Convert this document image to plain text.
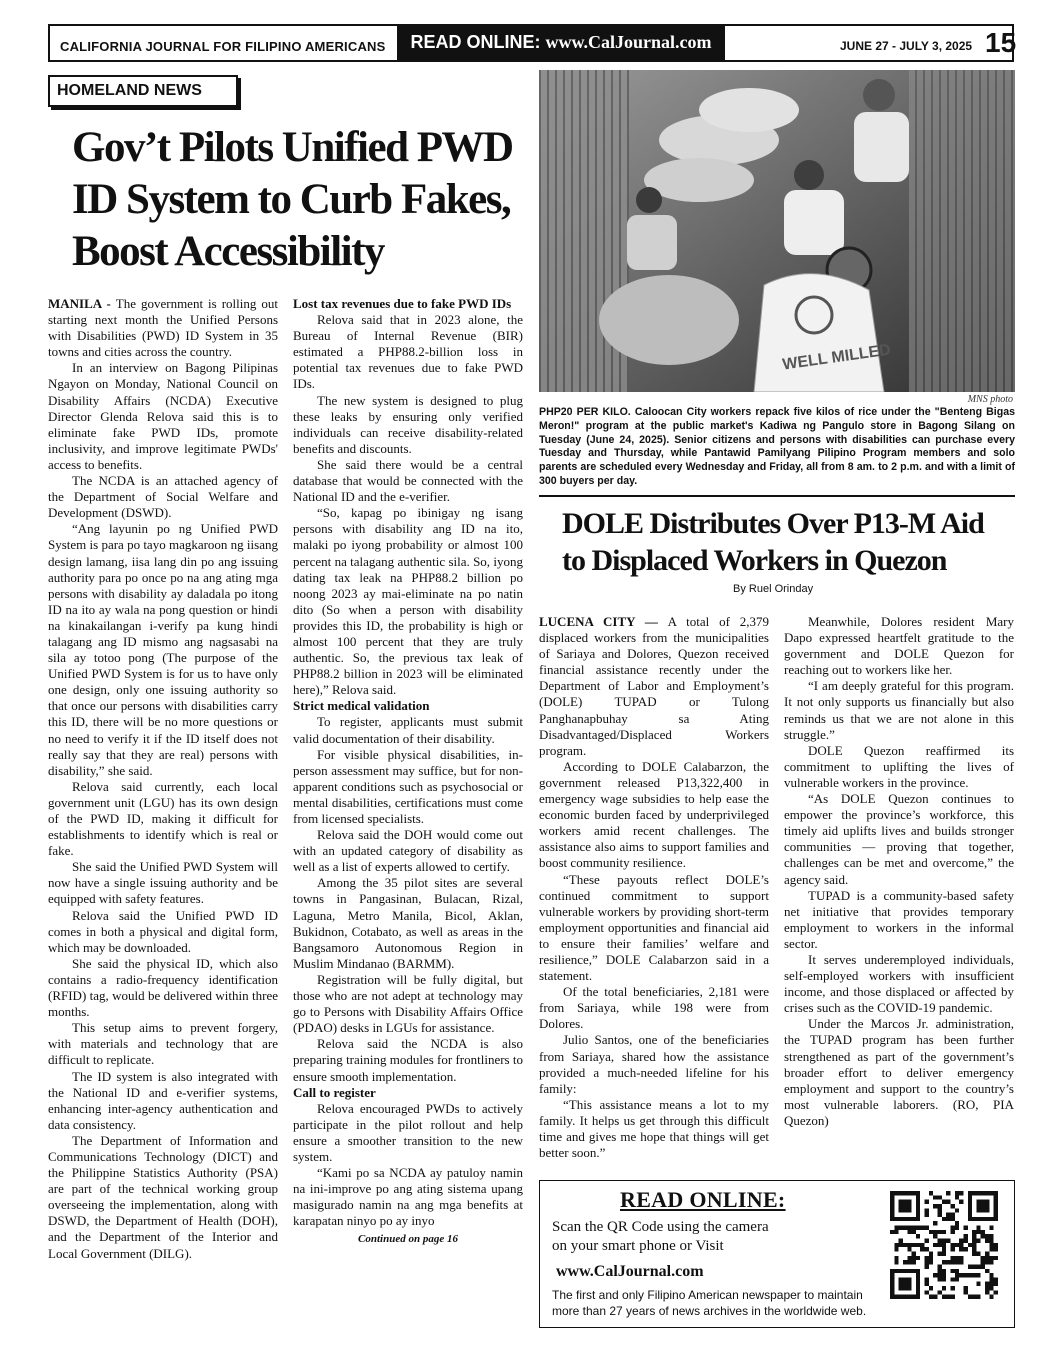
CALIFORNIA JOURNAL FOR FILIPINO AMERICANS	READ ONLINE: www.CalJournal.com	JUNE 27 - JULY 3, 2025 15
HOMELAND NEWS
Gov’t Pilots Unified PWD ID System to Curb Fakes, Boost Accessibility

MANILA - The government is rolling out starting next month the Unified Persons with Disabilities (PWD) ID System in 35 towns and cities across the country.

In an interview on Bagong Pilipinas Ngayon on Monday, National Council on Disability Affairs (NCDA) Executive Director Glenda Relova said this is to eliminate fake PWD IDs, promote inclusivity, and improve legitimate PWDs' access to benefits.

The NCDA is an attached agency of the Department of Social Welfare and Development (DSWD).

“Ang layunin po ng Unified PWD System is para po tayo magkaroon ng iisang design lamang, iisa lang din po ang issuing authority para po once po na ang ating mga persons with disability ay daladala po itong ID na ito ay wala na pong question or hindi na kinakailangan i-verify pa kung hindi talagang ang ID mismo ang nagsasabi na sila ay totoo pong (The purpose of the Unified PWD System is for us to have only one design, only one issuing authority so that once our persons with disabilities carry this ID, there will be no more questions or no need to verify it if the ID itself does not really say that they are real) persons with disability,” she said.

Relova said currently, each local government unit (LGU) has its own design of the PWD ID, making it difficult for establishments to identify which is real or fake.

She said the Unified PWD System will now have a single issuing authority and be equipped with safety features.

Relova said the Unified PWD ID comes in both a physical and digital form, which may be downloaded.

She said the physical ID, which also contains a radio-frequency identification (RFID) tag, would be delivered within three months.

This setup aims to prevent forgery, with materials and technology that are difficult to replicate.

The ID system is also integrated with the National ID and e-verifier systems, enhancing inter-agency authentication and data consistency.

The Department of Information and Communications Technology (DICT) and the Philippine Statistics Authority (PSA) are part of the technical working group overseeing the implementation, along with DSWD, the Department of Health (DOH), and the Department of the Interior and Local Government (DILG).

Lost tax revenues due to fake PWD IDs

Relova said that in 2023 alone, the Bureau of Internal Revenue (BIR) estimated a PHP88.2-billion loss in potential tax revenues due to fake PWD IDs.

The new system is designed to plug these leaks by ensuring only verified individuals can receive disability-related benefits and discounts.

She said there would be a central database that would be connected with the National ID and the e-verifier.

“So, kapag po ibinigay ng isang persons with disability ang ID na ito, malaki po iyong probability or almost 100 percent na talagang authentic sila. So, iyong dating tax leak na PHP88.2 billion po noong 2023 ay mai-eliminate na po natin dito (So when a person with disability provides this ID, the probability is high or almost 100 percent that they are truly authentic. So, the previous tax leak of PHP88.2 billion in 2023 will be eliminated here),” Relova said.

Strict medical validation

To register, applicants must submit valid documentation of their disability.

For visible physical disabilities, in-person assessment may suffice, but for non-apparent conditions such as psychosocial or mental disabilities, certifications must come from licensed specialists.

Relova said the DOH would come out with an updated category of disability as well as a list of experts allowed to certify.

Among the 35 pilot sites are several towns in Pangasinan, Bulacan, Rizal, Laguna, Metro Manila, Bicol, Aklan, Bukidnon, Cotabato, as well as areas in the Bangsamoro Autonomous Region in Muslim Mindanao (BARMM).

Registration will be fully digital, but those who are not adept at technology may go to Persons with Disability Affairs Office (PDAO) desks in LGUs for assistance.

Relova said the NCDA is also preparing training modules for frontliners to ensure smooth implementation.

Call to register

Relova encouraged PWDs to actively participate in the pilot rollout and help ensure a smoother transition to the new system.

“Kami po sa NCDA ay patuloy namin na ini-improve po ang ating sistema upang masigurado namin na ang mga benefits at karapatan ninyo po ay inyo

Continued on page 16

WELL MILLED
MNS photo
PHP20 PER KILO. Caloocan City workers repack five kilos of rice under the "Benteng Bigas Meron!" program at the public market's Kadiwa ng Pangulo store in Bagong Silang on Tuesday (June 24, 2025). Senior citizens and persons with disabilities can purchase every Tuesday and Thursday, while Pantawid Pamilyang Pilipino Program members and solo parents are scheduled every Wednesday and Friday, all from 8 am. to 2 p.m. and with a limit of 300 buyers per day.
DOLE Distributes Over P13-M Aid to Displaced Workers in Quezon
By Ruel Orinday

LUCENA CITY — A total of 2,379 displaced workers from the municipalities of Sariaya and Dolores, Quezon received financial assistance recently under the Department of Labor and Employment’s (DOLE) TUPAD or Tulong Panghanapbuhay sa Ating Disadvantaged/Displaced Workers program.

According to DOLE Calabarzon, the government released P13,322,400 in emergency wage subsidies to help ease the economic burden faced by underprivileged workers amid recent challenges. The assistance also aims to support families and boost community resilience.

“These payouts reflect DOLE’s continued commitment to support vulnerable workers by providing short-term employment opportunities and financial aid to ensure their families’ welfare and resilience,” DOLE Calabarzon said in a statement.

Of the total beneficiaries, 2,181 were from Sariaya, while 198 were from Dolores.

Julio Santos, one of the beneficiaries from Sariaya, shared how the assistance provided a much-needed lifeline for his family:

“This assistance means a lot to my family. It helps us get through this difficult time and gives me hope that things will get better soon.”

Meanwhile, Dolores resident Mary Dapo expressed heartfelt gratitude to the government and DOLE Quezon for reaching out to workers like her.

“I am deeply grateful for this program. It not only supports us financially but also reminds us that we are not alone in this struggle.”

DOLE Quezon reaffirmed its commitment to uplifting the lives of vulnerable workers in the province.

“As DOLE Quezon continues to empower the province’s workforce, this timely aid uplifts lives and builds stronger communities — proving that together, challenges can be met and overcome,” the agency said.

TUPAD is a community-based safety net initiative that provides temporary employment to workers in the informal sector.

It serves underemployed individuals, self-employed workers with insufficient income, and those displaced or affected by crises such as the COVID-19 pandemic.

Under the Marcos Jr. administration, the TUPAD program has been further strengthened as part of the government’s broader effort to deliver emergency employment and support to the country’s most vulnerable laborers. (RO, PIA Quezon)

READ ONLINE:
Scan the QR Code using the camera
on your smart phone or Visit
www.CalJournal.com
The first and only Filipino American newspaper to maintain more than 27 years of news archives in the worldwide web.
